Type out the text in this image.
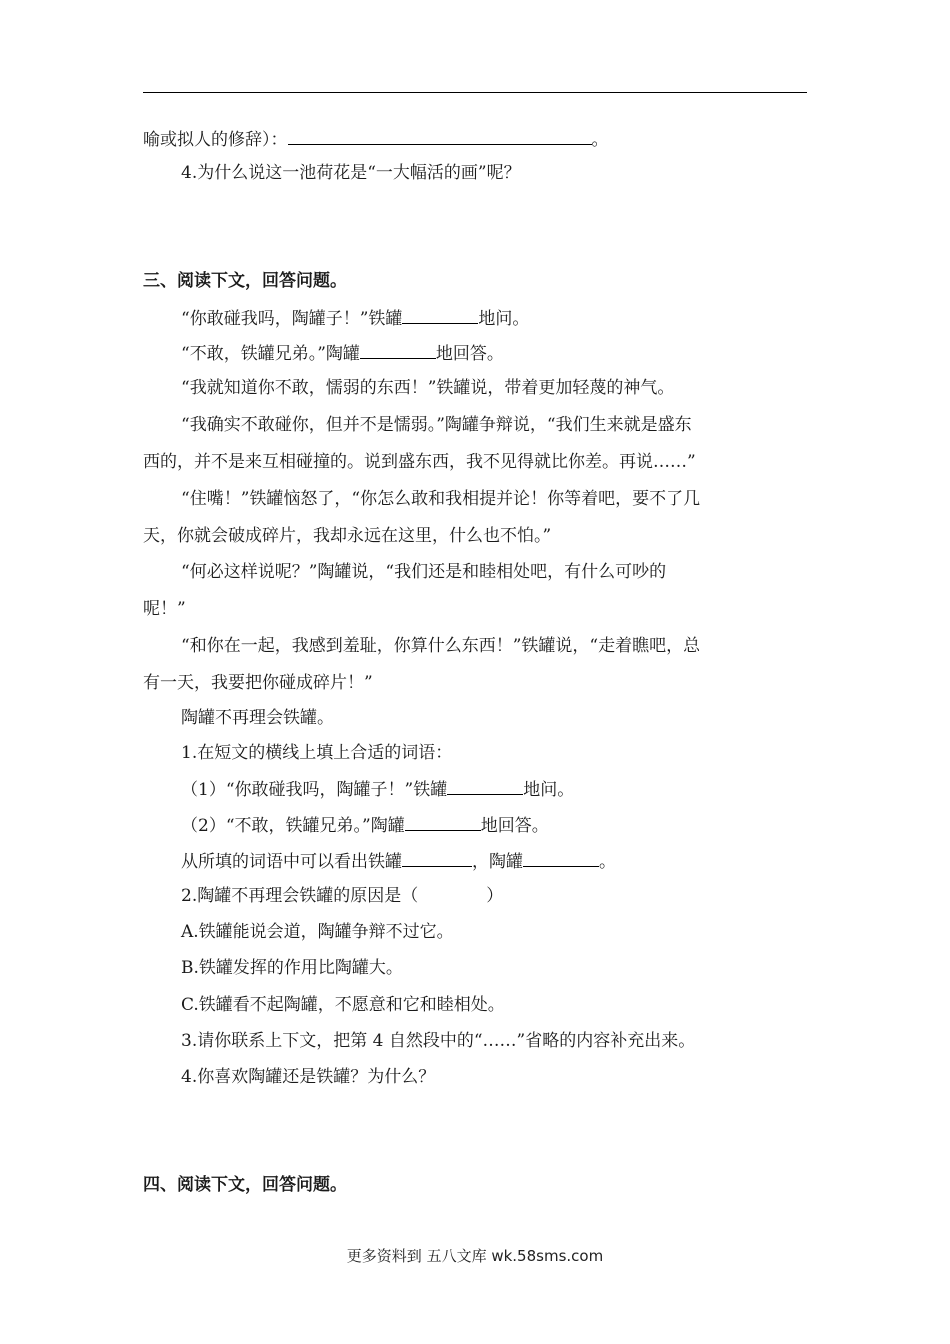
喻或拟人的修辞）：	。
4.为什么说这一池荷花是“一大幅活的画”呢？
三、阅读下文，回答问题。
“你敢碰我吗，陶罐子！”铁罐	地问。
“不敢，铁罐兄弟。”陶罐	地回答。
“我就知道你不敢，懦弱的东西！”铁罐说，带着更加轻蔑的神气。
“我确实不敢碰你，但并不是懦弱。”陶罐争辩说，“我们生来就是盛东
西的，并不是来互相碰撞的。说到盛东西，我不见得就比你差。再说……”
“住嘴！”铁罐恼怒了，“你怎么敢和我相提并论！你等着吧，要不了几
天，你就会破成碎片，我却永远在这里，什么也不怕。”
“何必这样说呢？”陶罐说，“我们还是和睦相处吧，有什么可吵的
呢！”
“和你在一起，我感到羞耻，你算什么东西！”铁罐说，“走着瞧吧，总
有一天，我要把你碰成碎片！”
陶罐不再理会铁罐。
1.在短文的横线上填上合适的词语：
（1）“你敢碰我吗，陶罐子！”铁罐	地问。
（2）“不敢，铁罐兄弟。”陶罐	地回答。
从所填的词语中可以看出铁罐	，陶罐	。
2.陶罐不再理会铁罐的原因是（	）
A.铁罐能说会道，陶罐争辩不过它。
B.铁罐发挥的作用比陶罐大。
C.铁罐看不起陶罐，不愿意和它和睦相处。
3.请你联系上下文，把第 4 自然段中的“……”省略的内容补充出来。
4.你喜欢陶罐还是铁罐？为什么？
四、阅读下文，回答问题。
更多资料到 五八文库 wk.58sms.com
